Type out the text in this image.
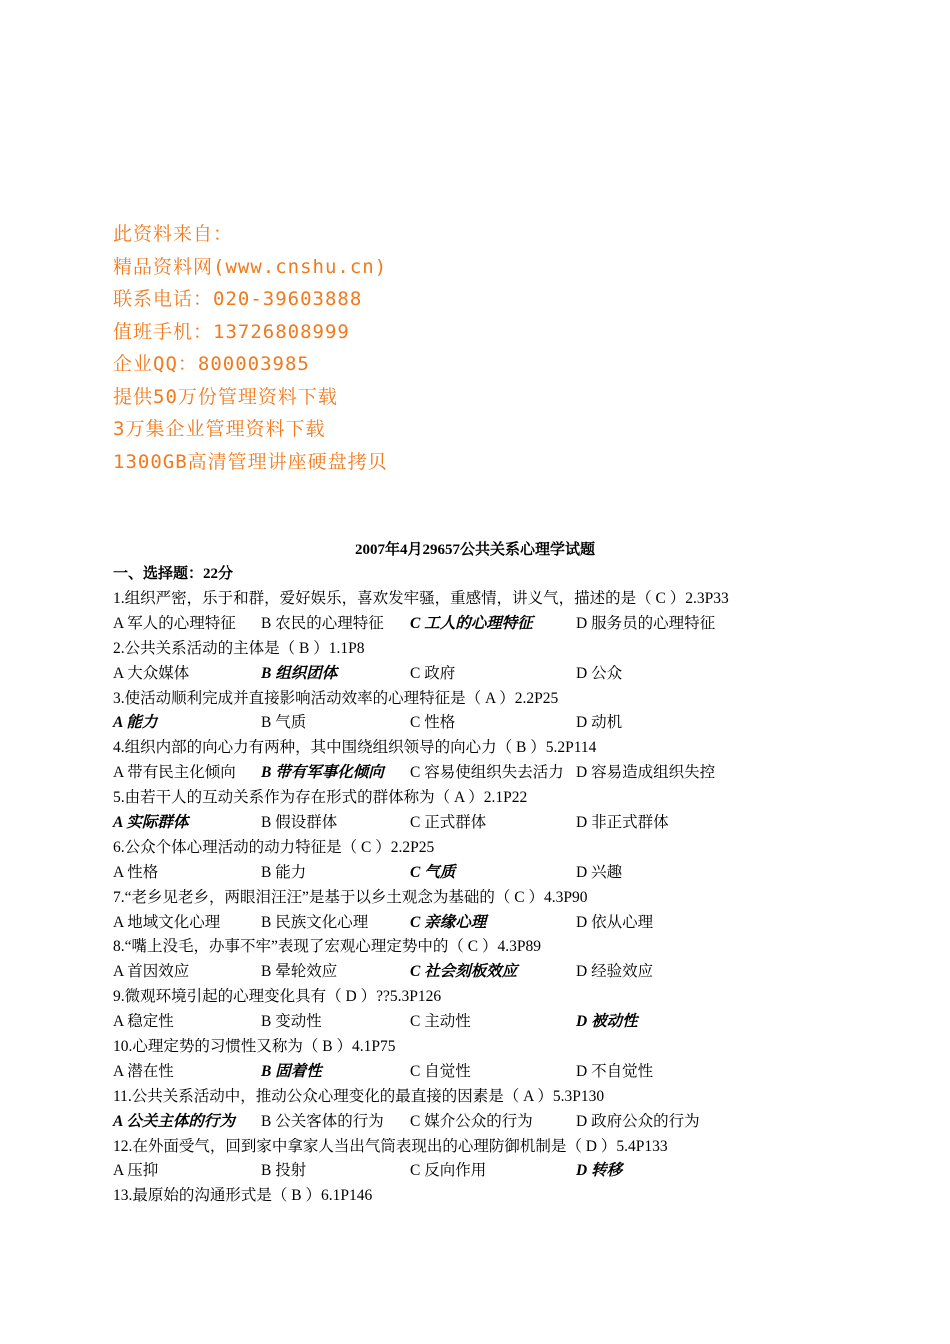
此资料来自：
精品资料网(www.cnshu.cn)
联系电话：020-39603888
值班手机：13726808999
企业QQ：800003985
提供50万份管理资料下载
3万集企业管理资料下载
1300GB高清管理讲座硬盘拷贝
2007年4月29657公共关系心理学试题
一、选择题：22分
1.组织严密，乐于和群，爱好娱乐，喜欢发牢骚，重感情，讲义气，描述的是（ C ）2.3P33
A 军人的心理特征 B 农民的心理特征 C 工人的心理特征	D 服务员的心理特征
2.公共关系活动的主体是（ B ）1.1P8
A 大众媒体	B 组织团体	C 政府	D 公众
3.使活动顺利完成并直接影响活动效率的心理特征是（ A ）2.2P25
A 能力	B 气质	C 性格	D 动机
4.组织内部的向心力有两种，其中围绕组织领导的向心力（ B ）5.2P114
A 带有民主化倾向 B 带有军事化倾向 C 容易使组织失去活力 D 容易造成组织失控
5.由若干人的互动关系作为存在形式的群体称为（ A ）2.1P22
A 实际群体	B 假设群体	C 正式群体	D 非正式群体
6.公众个体心理活动的动力特征是（ C ）2.2P25
A 性格	B 能力	C 气质	D 兴趣
7.“老乡见老乡，两眼泪汪汪”是基于以乡土观念为基础的（ C ）4.3P90
A 地域文化心理	B 民族文化心理	C 亲缘心理	D 依从心理
8.“嘴上没毛，办事不牢”表现了宏观心理定势中的（ C ）4.3P89
A 首因效应	B 晕轮效应	C 社会刻板效应	D 经验效应
9.微观环境引起的心理变化具有（ D ）??5.3P126
A 稳定性	B 变动性	C 主动性	D 被动性
10.心理定势的习惯性又称为（ B ）4.1P75
A 潜在性	B 固着性	C 自觉性	D 不自觉性
11.公共关系活动中，推动公众心理变化的最直接的因素是（ A ）5.3P130
A 公关主体的行为 B 公关客体的行为 C 媒介公众的行为	D 政府公众的行为
12.在外面受气，回到家中拿家人当出气筒表现出的心理防御机制是（ D ）5.4P133
A 压抑	B 投射	C 反向作用	D 转移
13.最原始的沟通形式是（ B ）6.1P146
